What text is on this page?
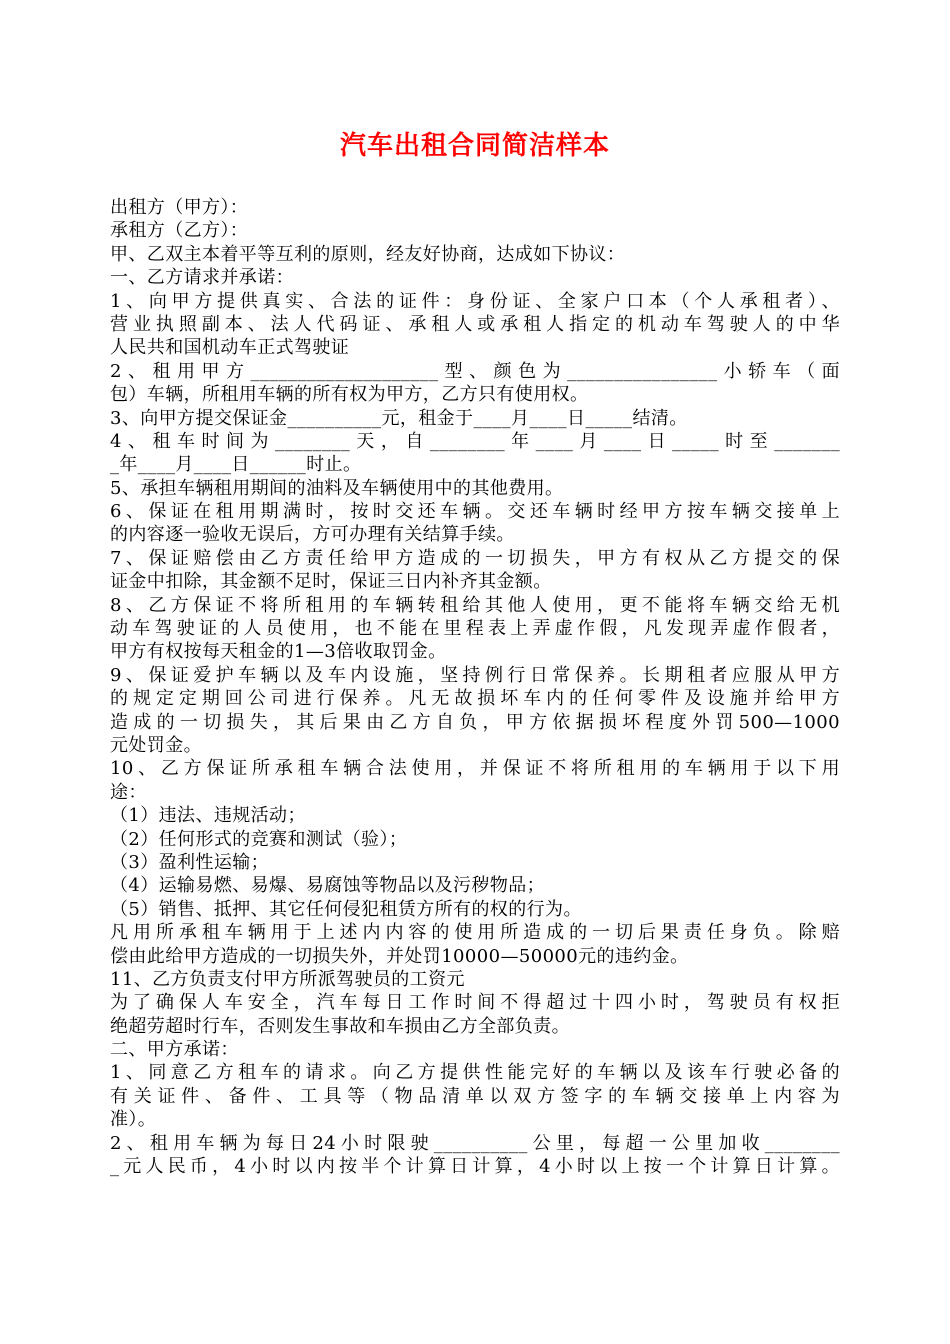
汽车出租合同简洁样本
出租方（甲方）：
承租方（乙方）：
甲、乙双主本着平等互利的原则，经友好协商，达成如下协议：
一、乙方请求并承诺：
1、向甲方提供真实、合法的证件：身份证、全家户口本（个人承租者）、
营业执照副本、法人代码证、承租人或承租人指定的机动车驾驶人的中华
人民共和国机动车正式驾驶证
2、租用甲方____________________型、颜色为________________小轿车（面
包）车辆，所租用车辆的所有权为甲方，乙方只有使用权。
3、向甲方提交保证金__________元，租金于____月____日_____结清。
4、租车时间为________天，自________年____月____日_____时至_______
_年____月____日______时止。
5、承担车辆租用期间的油料及车辆使用中的其他费用。
6、保证在租用期满时，按时交还车辆。交还车辆时经甲方按车辆交接单上
的内容逐一验收无误后，方可办理有关结算手续。
7、保证赔偿由乙方责任给甲方造成的一切损失，甲方有权从乙方提交的保
证金中扣除，其金额不足时，保证三日内补齐其金额。
8、乙方保证不将所租用的车辆转租给其他人使用，更不能将车辆交给无机
动车驾驶证的人员使用，也不能在里程表上弄虚作假，凡发现弄虚作假者，
甲方有权按每天租金的1—3倍收取罚金。
9、保证爱护车辆以及车内设施，坚持例行日常保养。长期租者应服从甲方
的规定定期回公司进行保养。凡无故损坏车内的任何零件及设施并给甲方
造成的一切损失，其后果由乙方自负，甲方依据损坏程度外罚500—1000
元处罚金。
10、乙方保证所承租车辆合法使用，并保证不将所租用的车辆用于以下用
途：
（1）违法、违规活动；
（2）任何形式的竞赛和测试（验）；
（3）盈利性运输；
（4）运输易燃、易爆、易腐蚀等物品以及污秽物品；
（5）销售、抵押、其它任何侵犯租赁方所有的权的行为。
凡用所承租车辆用于上述内内容的使用所造成的一切后果责任身负。除赔
偿由此给甲方造成的一切损失外，并处罚10000—50000元的违约金。
11、乙方负责支付甲方所派驾驶员的工资元
为了确保人车安全，汽车每日工作时间不得超过十四小时，驾驶员有权拒
绝超劳超时行车，否则发生事故和车损由乙方全部负责。
二、甲方承诺：
1、同意乙方租车的请求。向乙方提供性能完好的车辆以及该车行驶必备的
有关证件、备件、工具等（物品清单以双方签字的车辆交接单上内容为
准）。
2、租用车辆为每日24小时限驶__________公里，每超一公里加收________
_元人民币，4小时以内按半个计算日计算，4小时以上按一个计算日计算。
